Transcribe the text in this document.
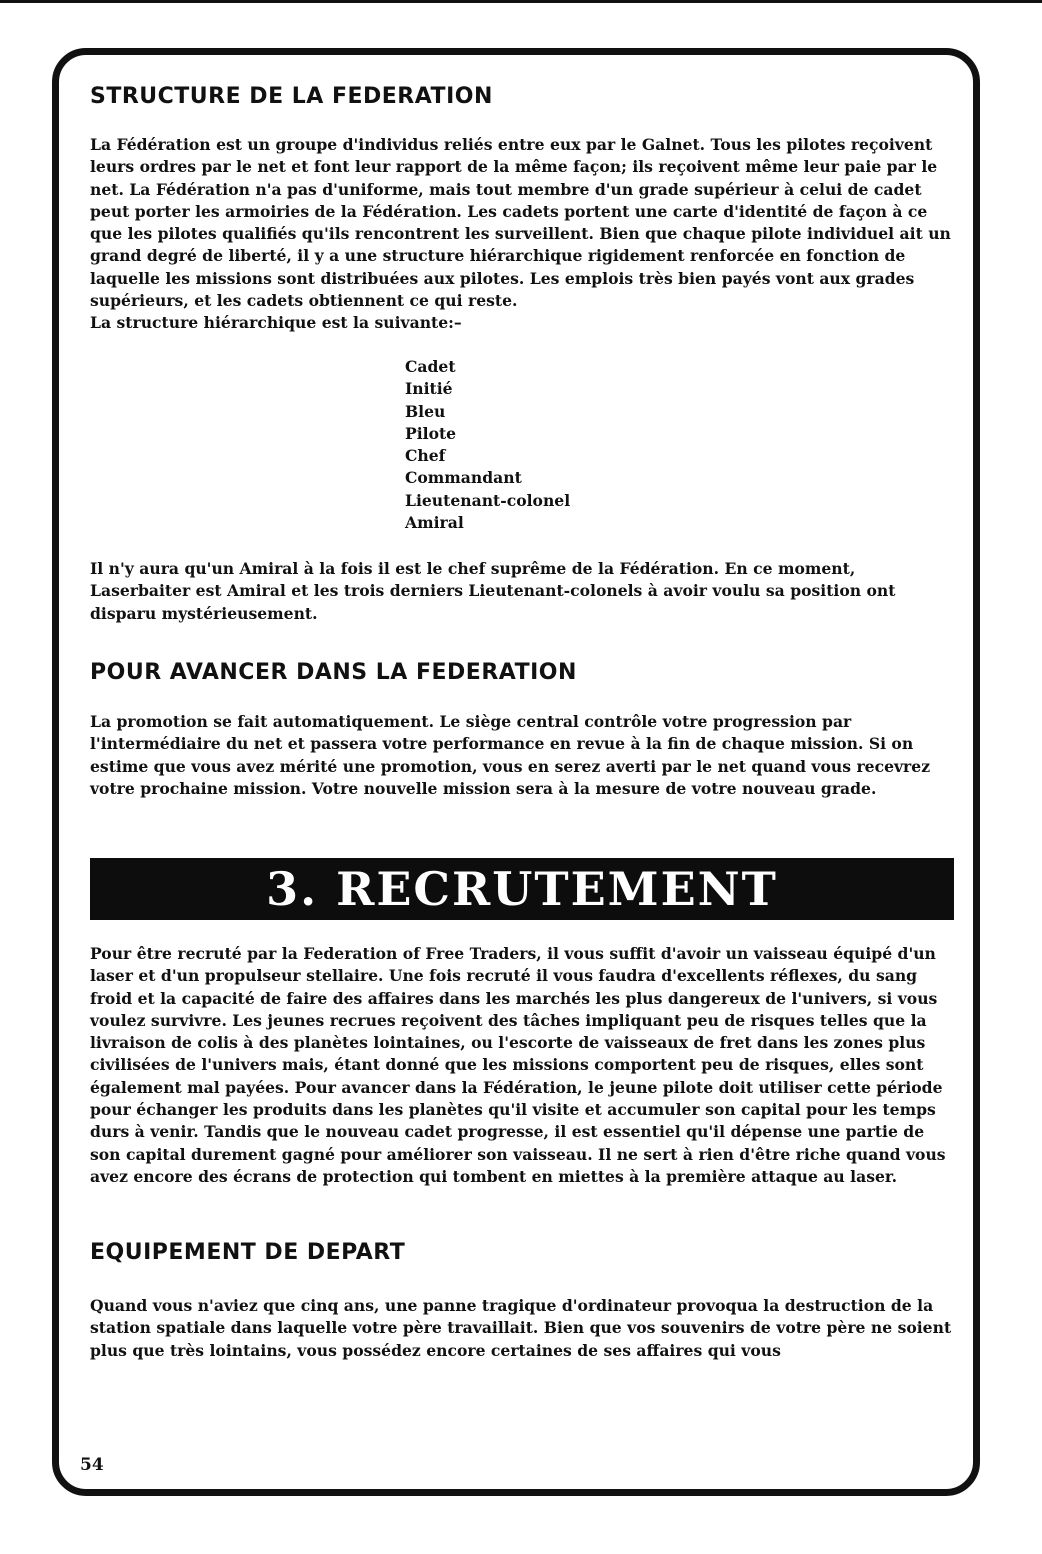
STRUCTURE DE LA FEDERATION

La Fédération est un groupe d'individus reliés entre eux par le Galnet. Tous les pilotes reçoivent leurs ordres par le net et font leur rapport de la même façon; ils reçoivent même leur paie par le net. La Fédération n'a pas d'uniforme, mais tout membre d'un grade supérieur à celui de cadet peut porter les armoiries de la Fédération. Les cadets portent une carte d'identité de façon à ce que les pilotes qualifiés qu'ils rencontrent les surveillent. Bien que chaque pilote individuel ait un grand degré de liberté, il y a une structure hiérarchique rigidement renforcée en fonction de laquelle les missions sont distribuées aux pilotes. Les emplois très bien payés vont aux grades supérieurs, et les cadets obtiennent ce qui reste.

La structure hiérarchique est la suivante:–

Cadet
Initié
Bleu
Pilote
Chef
Commandant
Lieutenant-colonel
Amiral

Il n'y aura qu'un Amiral à la fois il est le chef suprême de la Fédération. En ce moment, Laserbaiter est Amiral et les trois derniers Lieutenant-colonels à avoir voulu sa position ont disparu mystérieusement.

POUR AVANCER DANS LA FEDERATION

La promotion se fait automatiquement. Le siège central contrôle votre progression par l'intermédiaire du net et passera votre performance en revue à la fin de chaque mission. Si on estime que vous avez mérité une promotion, vous en serez averti par le net quand vous recevrez votre prochaine mission. Votre nouvelle mission sera à la mesure de votre nouveau grade.

3. RECRUTEMENT

Pour être recruté par la Federation of Free Traders, il vous suffit d'avoir un vaisseau équipé d'un laser et d'un propulseur stellaire. Une fois recruté il vous faudra d'excellents réflexes, du sang froid et la capacité de faire des affaires dans les marchés les plus dangereux de l'univers, si vous voulez survivre. Les jeunes recrues reçoivent des tâches impliquant peu de risques telles que la livraison de colis à des planètes lointaines, ou l'escorte de vaisseaux de fret dans les zones plus civilisées de l'univers mais, étant donné que les missions comportent peu de risques, elles sont également mal payées. Pour avancer dans la Fédération, le jeune pilote doit utiliser cette période pour échanger les produits dans les planètes qu'il visite et accumuler son capital pour les temps durs à venir. Tandis que le nouveau cadet progresse, il est essentiel qu'il dépense une partie de son capital durement gagné pour améliorer son vaisseau. Il ne sert à rien d'être riche quand vous avez encore des écrans de protection qui tombent en miettes à la première attaque au laser.

EQUIPEMENT DE DEPART

Quand vous n'aviez que cinq ans, une panne tragique d'ordinateur provoqua la destruction de la station spatiale dans laquelle votre père travaillait. Bien que vos souvenirs de votre père ne soient plus que très lointains, vous possédez encore certaines de ses affaires qui vous

54
